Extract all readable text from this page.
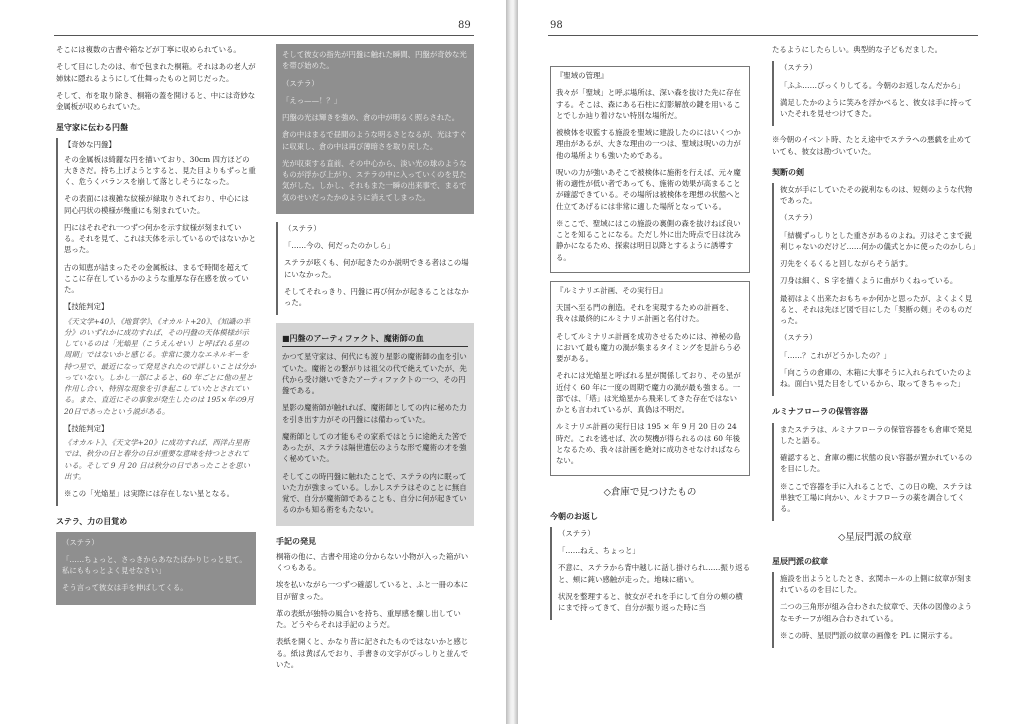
89

そこには複数の古書や箱などが丁寧に収められている。

そして目にしたのは、布で包まれた桐箱。それはあの老人が姉妹に隠れるようにして仕舞ったものと同じだった。

そして、布を取り除き、桐箱の蓋を開けると、中には奇妙な金属板が収められていた。

星守家に伝わる円盤
【奇妙な円盤】

その金属板は綺麗な円を描いており、30cm 四方ほどの大きさだ。持ち上げようとすると、見た目よりもずっと重く、危うくバランスを崩して落としそうになった。

その表面には複雑な紋様が緑取りされており、中心には同心円状の模様が幾重にも刻まれていた。

円にはそれぞれ一つずつ何かを示す紋様が刻まれている。それを見て、これは天体を示しているのではないかと思った。

古の知恵が詰まったその金属板は、まるで時間を超えてここに存在しているかのような重厚な存在感を放っていた。

【技能判定】

《天文学+40》、《地質学》、《オカルト+20》、《知識の半分》のいずれかに成功すれば、その円盤の天体模様が示しているのは「光焔星（こうえんせい）と呼ばれる星の周期」ではないかと感じる。非常に強力なエネルギーを持つ星で、最近になって発見されたので詳しいことは分かっていない。しかし一部によると、60 年ごとに他の星と作用し合い、特別な現象を引き起こしていたとされている。また、直近にその事象が発生したのは 195×年の9月20日であったという説がある。

【技能判定】

《オカルト》、《天文学+20》に成功すれば、西洋占星術では、秋分の日と春分の日が重要な意味を持つとされている。そして 9 月 20 日は秋分の日であったことを思い出す。

※この「光焔星」は実際には存在しない星となる。

ステラ、力の目覚め

（ステラ）

「……ちょっと、さっきからあなたばかりじっと見て。私にももっとよく見せなさい」

そう言って彼女は手を伸ばしてくる。

そして彼女の指先が円盤に触れた瞬間、円盤が奇妙な光を帯び始めた。

（ステラ）

「えっ——！？」

円盤の光は輝きを強め、倉の中が明るく照らされた。

倉の中はまるで昼間のような明るさとなるが、光はすぐに収束し、倉の中は再び薄暗さを取り戻した。

光が収束する直前、その中心から、淡い光の球のようなものが浮かび上がり、ステラの中に入っていくのを見た気がした。しかし、それもまた一瞬の出来事で、まるで気のせいだったかのように消えてしまった。

（ステラ）

「……今の、何だったのかしら」

ステラが呟くも、何が起きたのか説明できる者はこの場にいなかった。

そしてそれっきり、円盤に再び何かが起きることはなかった。

■円盤のアーティファクト、魔術師の血

かつて星守家は、何代にも渡り星影の魔術師の血を引いていた。魔術との繋がりは祖父の代で絶えていたが、先代から受け継いできたアーティファクトの一つ、その円盤である。

星影の魔術師が触れれば、魔術師としての内に秘めた力を引き出す力がその円盤には備わっていた。

魔術師としての才能もその家系ではとうに途絶えた筈であったが、ステラは隔世遺伝のような形で魔術の才を強く秘めていた。

そしてこの時円盤に触れたことで、ステラの内に眠っていた力が強まっている。しかしステラはそのことに無自覚で、自分が魔術師であることも、自分に何が起きているのかも知る術をもたない。

手記の発見

桐箱の他に、古書や用途の分からない小物が入った箱がいくつもある。

埃を払いながら一つずつ確認していると、ふと一冊の本に目が留まった。

革の表紙が独特の風合いを持ち、重厚感を醸し出していた。どうやらそれは手記のようだ。

表紙を開くと、かなり昔に記されたものではないかと感じる。紙は黄ばんでおり、手書きの文字がびっしりと並んでいた。

98

『聖域の管理』

我々が「聖域」と呼ぶ場所は、深い森を抜けた先に存在する。そこは、森にある石柱に幻影解放の鍵を用いることでしか辿り着けない特別な場所だ。

被検体を収監する施設を聖域に建設したのにはいくつか理由があるが、大きな理由の一つは、聖域は呪いの力が他の場所よりも強いためである。

呪いの力が強いあそこで被検体に施術を行えば、元々魔術の適性が低い者であっても、施術の効果が高まることが確認できている。その場所は被検体を理想の状態へと仕立てあげるには非常に適した場所となっている。

※ここで、聖域にはこの施設の裏側の森を抜けねば良いことを知ることになる。ただし外に出た時点で日は沈み静かになるため、探索は明日以降とするように誘導する。

『ルミナリエ計画、その実行日』

天国へ至る門の創造。それを実現するための計画を、我々は最終的にルミナリエ計画と名付けた。

そしてルミナリエ計画を成功させるためには、神秘の島において最も魔力の渦が集まるタイミングを見計らう必要がある。

それには光焔星と呼ばれる星が関係しており、その星が近付く 60 年に一度の周期で魔力の渦が最も強まる。一部では、「塔」は光焔星から飛来してきた存在ではないかとも言われているが、真偽は不明だ。

ルミナリエ計画の実行日は 195 × 年 9 月 20 日の 24 時だ。これを逃せば、次の契機が得られるのは 60 年後となるため、我々は計画を絶対に成功させなければならない。

◇倉庫で見つけたもの
今朝のお返し

（ステラ）

「……ねえ、ちょっと」

不意に、ステラから背中越しに話し掛けられ……振り返ると、頬に鈍い感触が走った。地味に痛い。

状況を整理すると、彼女がそれを手にして自分の頬の横にまで持ってきて、自分が振り返った時に当

たるようにしたらしい。典型的な子どもだました。

（ステラ）

「ふふ……びっくりしてる。今朝のお返しなんだから」

満足したかのように笑みを浮かべると、彼女は手に持っていたそれを見せつけてきた。

※今朝のイベント時、たとえ途中でステラへの悪戯を止めていても、彼女は勘づいていた。

契断の剣

彼女が手にしていたその鋭利なものは、短剣のような代物であった。

（ステラ）

「結構ずっしりとした重さがあるのよね。刃はそこまで鋭利じゃないのだけど……何かの儀式とかに使ったのかしら」

刃先をくるくると回しながらそう話す。

刀身は細く、S 字を描くように曲がりくねっている。

最初はよく出来たおもちゃか何かと思ったが、よくよく見ると、それは先ほど図で目にした「契断の剣」そのものだった。

（ステラ）

「……？これがどうかしたの？」

「向こうの倉庫の、木箱に大事そうに入れられていたのよね。面白い見た目をしているから、取ってきちゃった」

ルミナフローラの保管容器

またステラは、ルミナフローラの保管容器をも倉庫で発見したと語る。

確認すると、倉庫の棚に状態の良い容器が置かれているのを目にした。

※ここで容器を手に入れることで、この日の晩、ステラは単独で工場に向かい、ルミナフローラの薬を調合してくる。

◇星辰門派の紋章
星辰門派の紋章

施設を出ようとしたとき、玄関ホールの上側に紋章が刻まれているのを目にした。

二つの三角形が組み合わされた紋章で、天体の図像のようなモチーフが組み合わされている。

※この時、星辰門派の紋章の画像を PL に開示する。
